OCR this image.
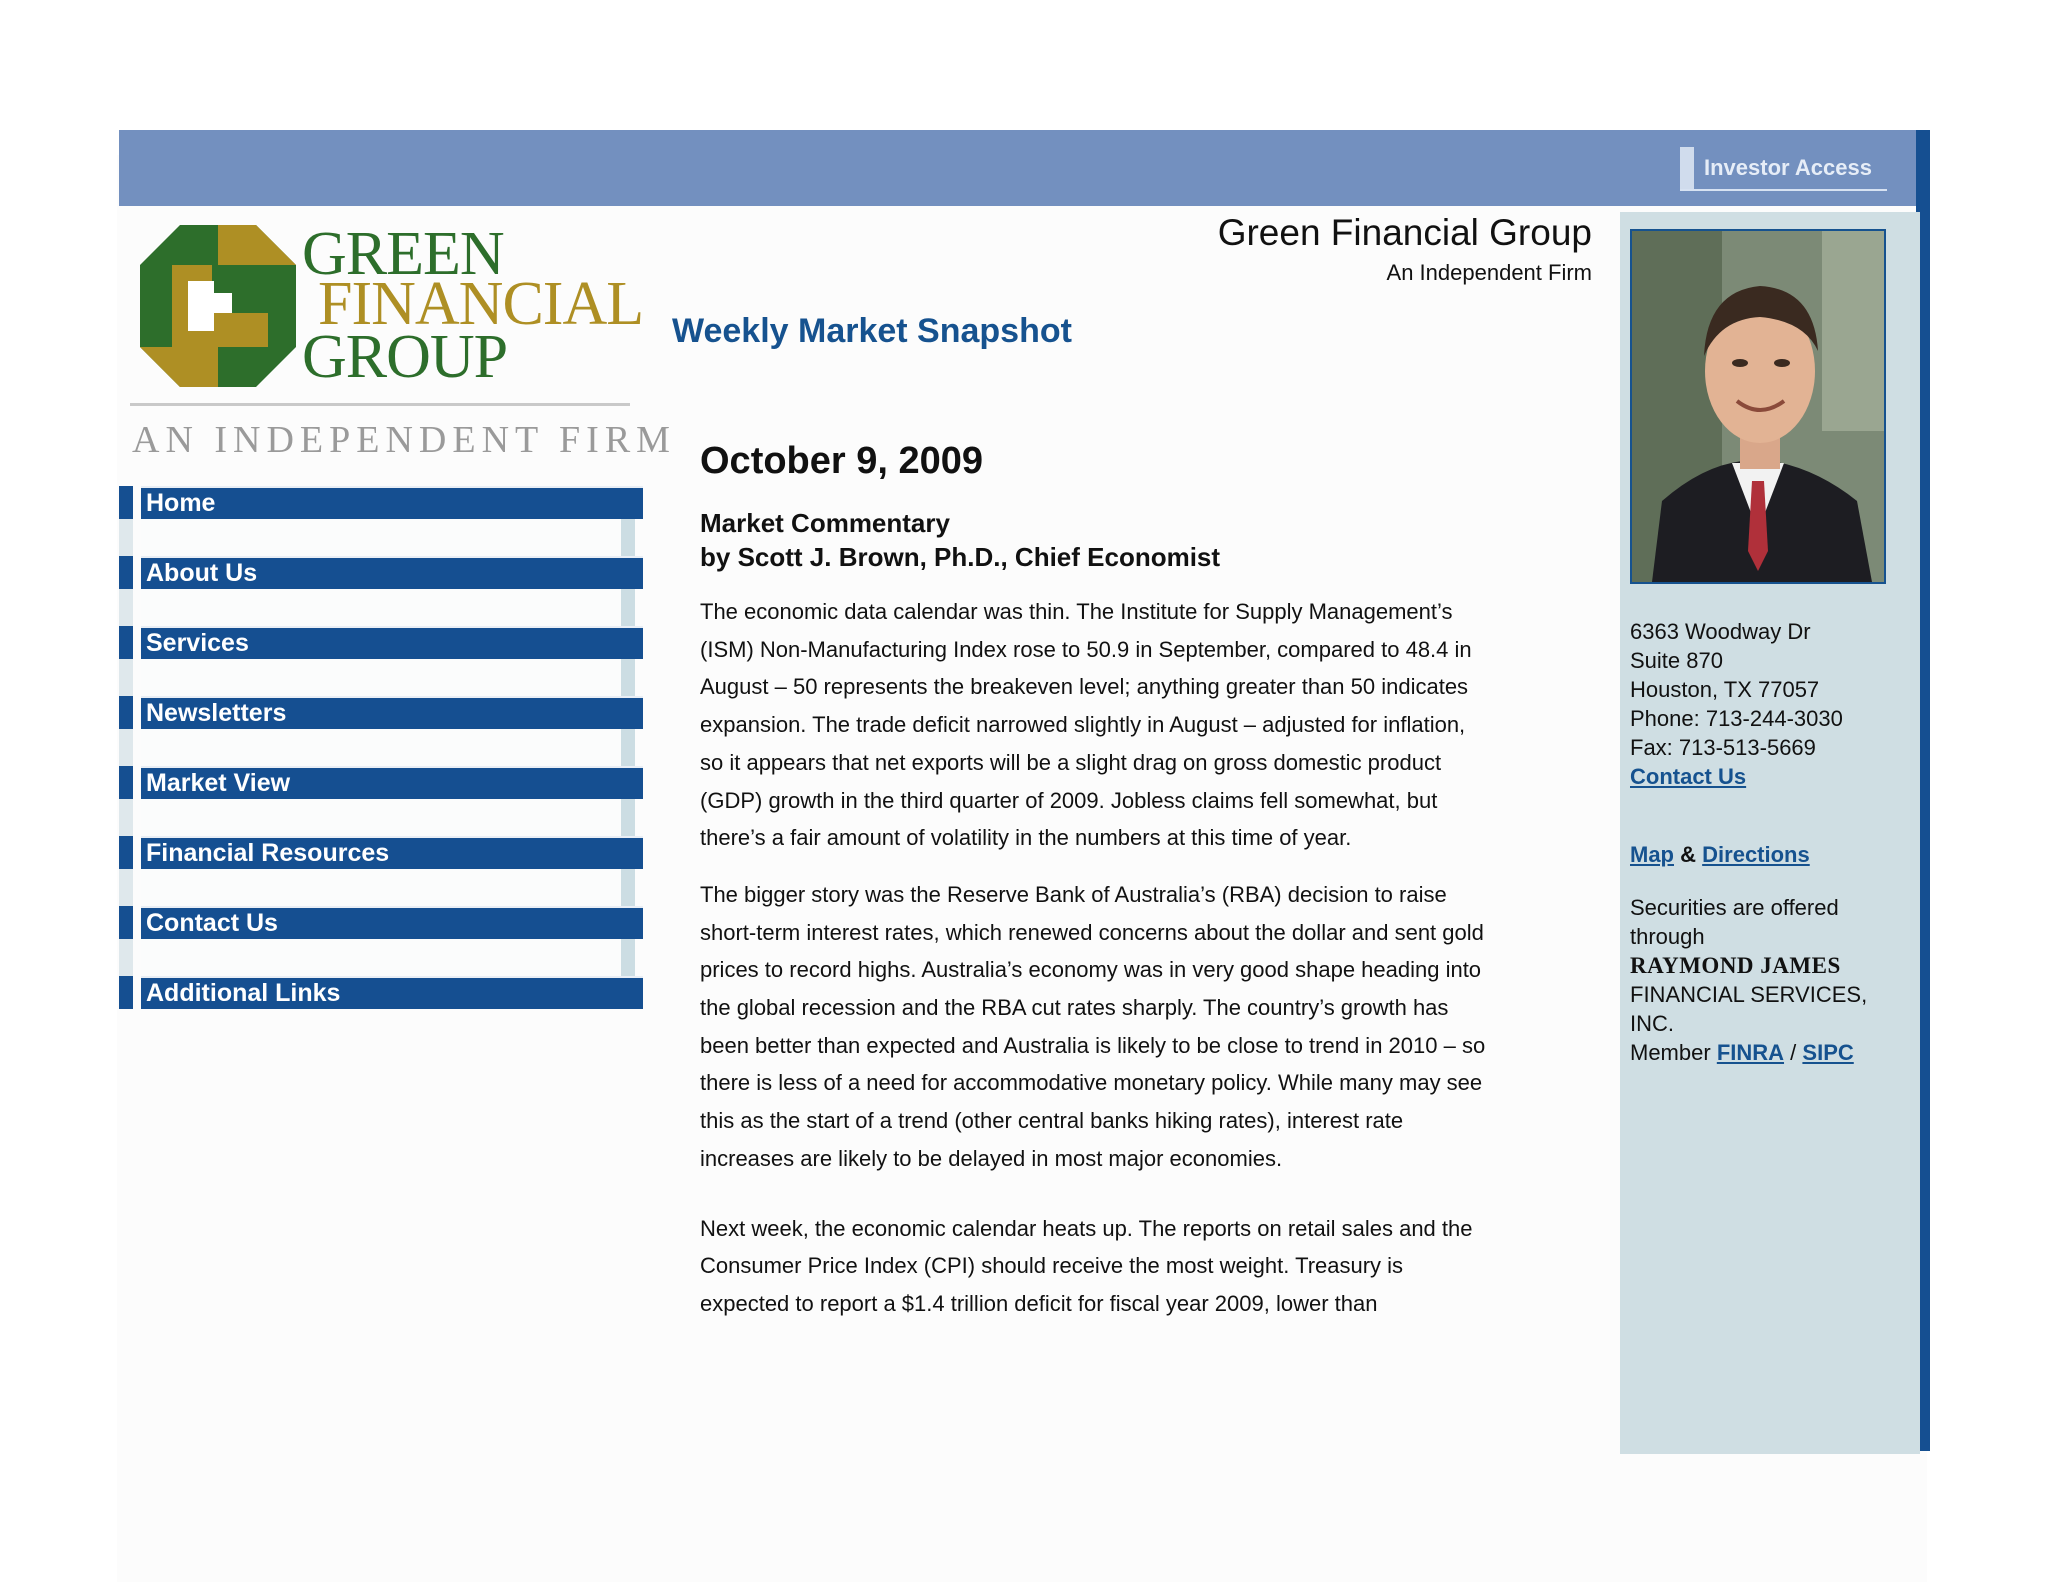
Investor Access
GREEN
FINANCIAL
GROUP
AN INDEPENDENT FIRM
Home
About Us
Services
Newsletters
Market View
Financial Resources
Contact Us
Additional Links
Green Financial Group
An Independent Firm
Weekly Market Snapshot
October 9, 2009
Market Commentary
by Scott J. Brown, Ph.D., Chief Economist

The economic data calendar was thin. The Institute for Supply Management’s (ISM) Non-Manufacturing Index rose to 50.9 in September, compared to 48.4 in August – 50 represents the breakeven level; anything greater than 50 indicates expansion. The trade deficit narrowed slightly in August – adjusted for inflation, so it appears that net exports will be a slight drag on gross domestic product (GDP) growth in the third quarter of 2009. Jobless claims fell somewhat, but there’s a fair amount of volatility in the numbers at this time of year.

The bigger story was the Reserve Bank of Australia’s (RBA) decision to raise short-term interest rates, which renewed concerns about the dollar and sent gold prices to record highs. Australia’s economy was in very good shape heading into the global recession and the RBA cut rates sharply. The country’s growth has been better than expected and Australia is likely to be close to trend in 2010 – so there is less of a need for accommodative monetary policy. While many may see this as the start of a trend (other central banks hiking rates), interest rate increases are likely to be delayed in most major economies.

Next week, the economic calendar heats up. The reports on retail sales and the Consumer Price Index (CPI) should receive the most weight. Treasury is expected to report a $1.4 trillion deficit for fiscal year 2009, lower than

6363 Woodway Dr
Suite 870
Houston, TX 77057
Phone: 713-244-3030
Fax: 713-513-5669
Contact Us
Map & Directions
Securities are offered through
RAYMOND JAMES
FINANCIAL SERVICES, INC.
Member FINRA / SIPC
